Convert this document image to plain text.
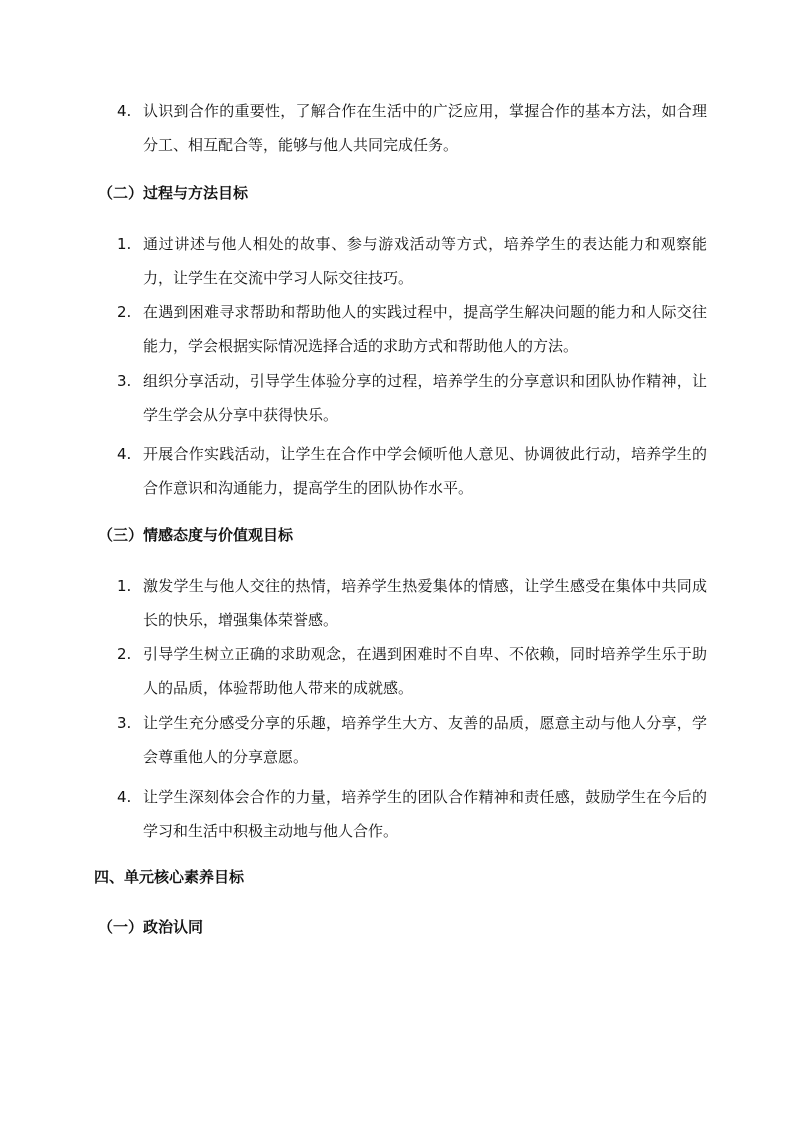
4. 认识到合作的重要性，了解合作在生活中的广泛应用，掌握合作的基本方法，如合理分工、相互配合等，能够与他人共同完成任务。
（二）过程与方法目标
1. 通过讲述与他人相处的故事、参与游戏活动等方式，培养学生的表达能力和观察能力，让学生在交流中学习人际交往技巧。
2. 在遇到困难寻求帮助和帮助他人的实践过程中，提高学生解决问题的能力和人际交往能力，学会根据实际情况选择合适的求助方式和帮助他人的方法。
3. 组织分享活动，引导学生体验分享的过程，培养学生的分享意识和团队协作精神，让学生学会从分享中获得快乐。
4. 开展合作实践活动，让学生在合作中学会倾听他人意见、协调彼此行动，培养学生的合作意识和沟通能力，提高学生的团队协作水平。
（三）情感态度与价值观目标
1. 激发学生与他人交往的热情，培养学生热爱集体的情感，让学生感受在集体中共同成长的快乐，增强集体荣誉感。
2. 引导学生树立正确的求助观念，在遇到困难时不自卑、不依赖，同时培养学生乐于助人的品质，体验帮助他人带来的成就感。
3. 让学生充分感受分享的乐趣，培养学生大方、友善的品质，愿意主动与他人分享，学会尊重他人的分享意愿。
4. 让学生深刻体会合作的力量，培养学生的团队合作精神和责任感，鼓励学生在今后的学习和生活中积极主动地与他人合作。
四、单元核心素养目标
（一）政治认同
